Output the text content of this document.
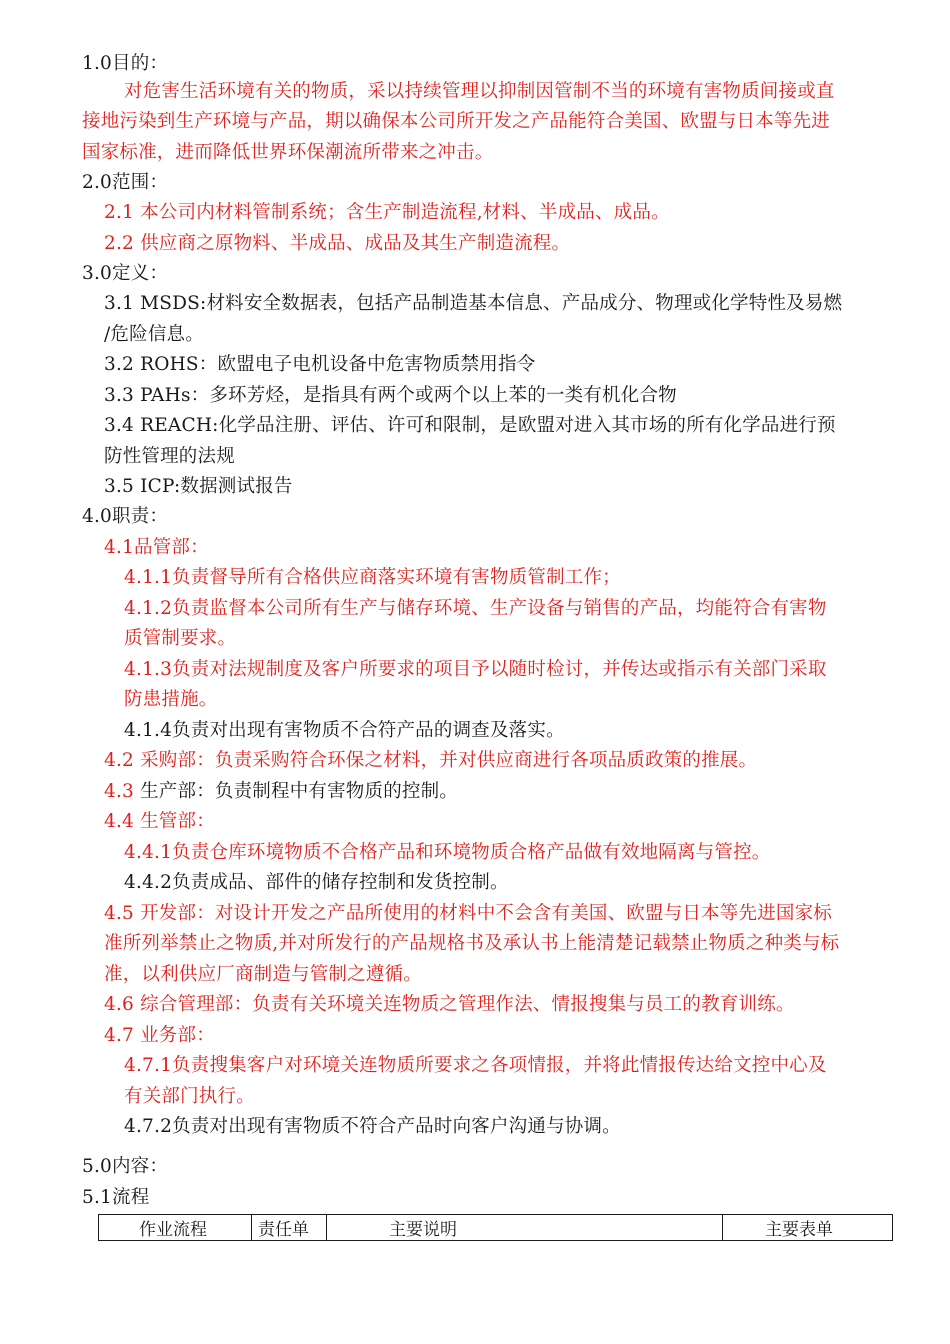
1.0目的：
对危害生活环境有关的物质，采以持续管理以抑制因管制不当的环境有害物质间接或直
接地污染到生产环境与产品，期以确保本公司所开发之产品能符合美国、欧盟与日本等先进
国家标准，进而降低世界环保潮流所带来之冲击。
2.0范围：
2.1 本公司内材料管制系统；含生产制造流程,材料、半成品、成品。
2.2 供应商之原物料、半成品、成品及其生产制造流程。
3.0定义：
3.1 MSDS:材料安全数据表，包括产品制造基本信息、产品成分、物理或化学特性及易燃
/危险信息。
3.2 ROHS：欧盟电子电机设备中危害物质禁用指令
3.3 PAHs：多环芳烃，是指具有两个或两个以上苯的一类有机化合物
3.4 REACH:化学品注册、评估、许可和限制，是欧盟对进入其市场的所有化学品进行预
防性管理的法规
3.5 ICP:数据测试报告
4.0职责：
4.1品管部：
4.1.1负责督导所有合格供应商落实环境有害物质管制工作；
4.1.2负责监督本公司所有生产与储存环境、生产设备与销售的产品，均能符合有害物
质管制要求。
4.1.3负责对法规制度及客户所要求的项目予以随时检讨，并传达或指示有关部门采取
防患措施。
4.1.4负责对出现有害物质不合符产品的调查及落实。
4.2 采购部：负责采购符合环保之材料，并对供应商进行各项品质政策的推展。
4.3 生产部：负责制程中有害物质的控制。
4.4 生管部：
4.4.1负责仓库环境物质不合格产品和环境物质合格产品做有效地隔离与管控。
4.4.2负责成品、部件的储存控制和发货控制。
4.5 开发部：对设计开发之产品所使用的材料中不会含有美国、欧盟与日本等先进国家标
准所列举禁止之物质,并对所发行的产品规格书及承认书上能清楚记载禁止物质之种类与标
准，以利供应厂商制造与管制之遵循。
4.6 综合管理部：负责有关环境关连物质之管理作法、情报搜集与员工的教育训练。
4.7 业务部：
4.7.1负责搜集客户对环境关连物质所要求之各项情报，并将此情报传达给文控中心及
有关部门执行。
4.7.2负责对出现有害物质不符合产品时向客户沟通与协调。
5.0内容：
5.1流程
作业流程	责任单	主要说明	主要表单
